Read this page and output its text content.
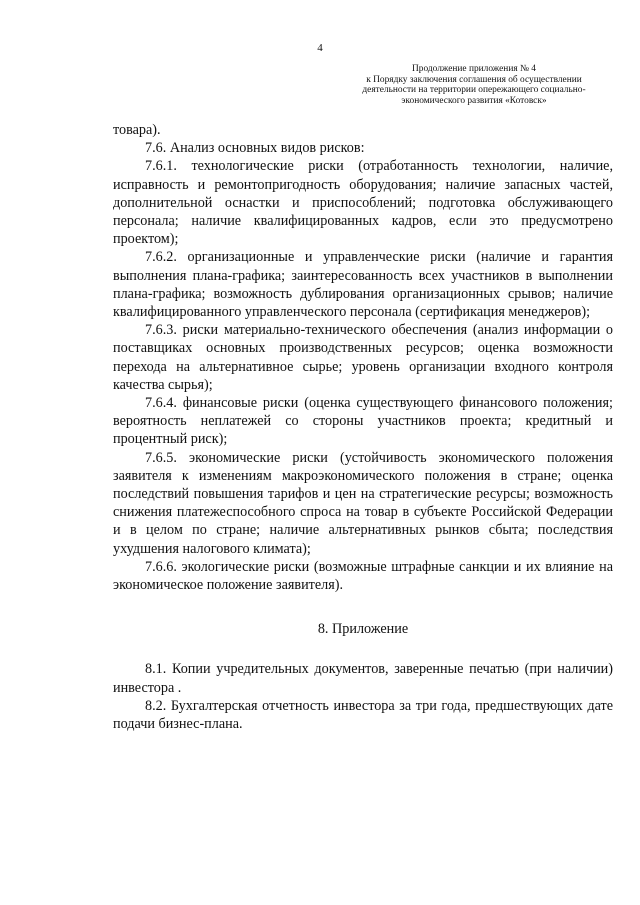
4
Продолжение приложения № 4
к Порядку заключения соглашения об осуществлении
деятельности на территории опережающего социально-
экономического развития «Котовск»

товара).

7.6. Анализ основных видов рисков:

7.6.1. технологические риски (отработанность технологии, наличие, исправность и ремонтопригодность оборудования; наличие запасных частей, дополнительной оснастки и приспособлений; подготовка обслуживающего персонала; наличие квалифицированных кадров, если это предусмотрено проектом);

7.6.2. организационные и управленческие риски (наличие и гарантия выполнения плана-графика; заинтересованность всех участников в выполнении плана-графика; возможность дублирования организационных срывов; наличие квалифицированного управленческого персонала (сертификация менеджеров);

7.6.3. риски материально-технического обеспечения (анализ информации о поставщиках основных производственных ресурсов; оценка возможности перехода на альтернативное сырье; уровень организации входного контроля качества сырья);

7.6.4. финансовые риски (оценка существующего финансового положения; вероятность неплатежей со стороны участников проекта; кредитный и процентный риск);

7.6.5. экономические риски (устойчивость экономического положения заявителя к изменениям макроэкономического положения в стране; оценка последствий повышения тарифов и цен на стратегические ресурсы; возможность снижения платежеспособного спроса на товар в субъекте Российской Федерации и в целом по стране; наличие альтернативных рынков сбыта; последствия ухудшения налогового климата);

7.6.6. экологические риски (возможные штрафные санкции и их влияние на экономическое положение заявителя).

8. Приложение

8.1. Копии учредительных документов, заверенные печатью (при наличии) инвестора .

8.2. Бухгалтерская отчетность инвестора за три года, предшествующих дате подачи бизнес-плана.
